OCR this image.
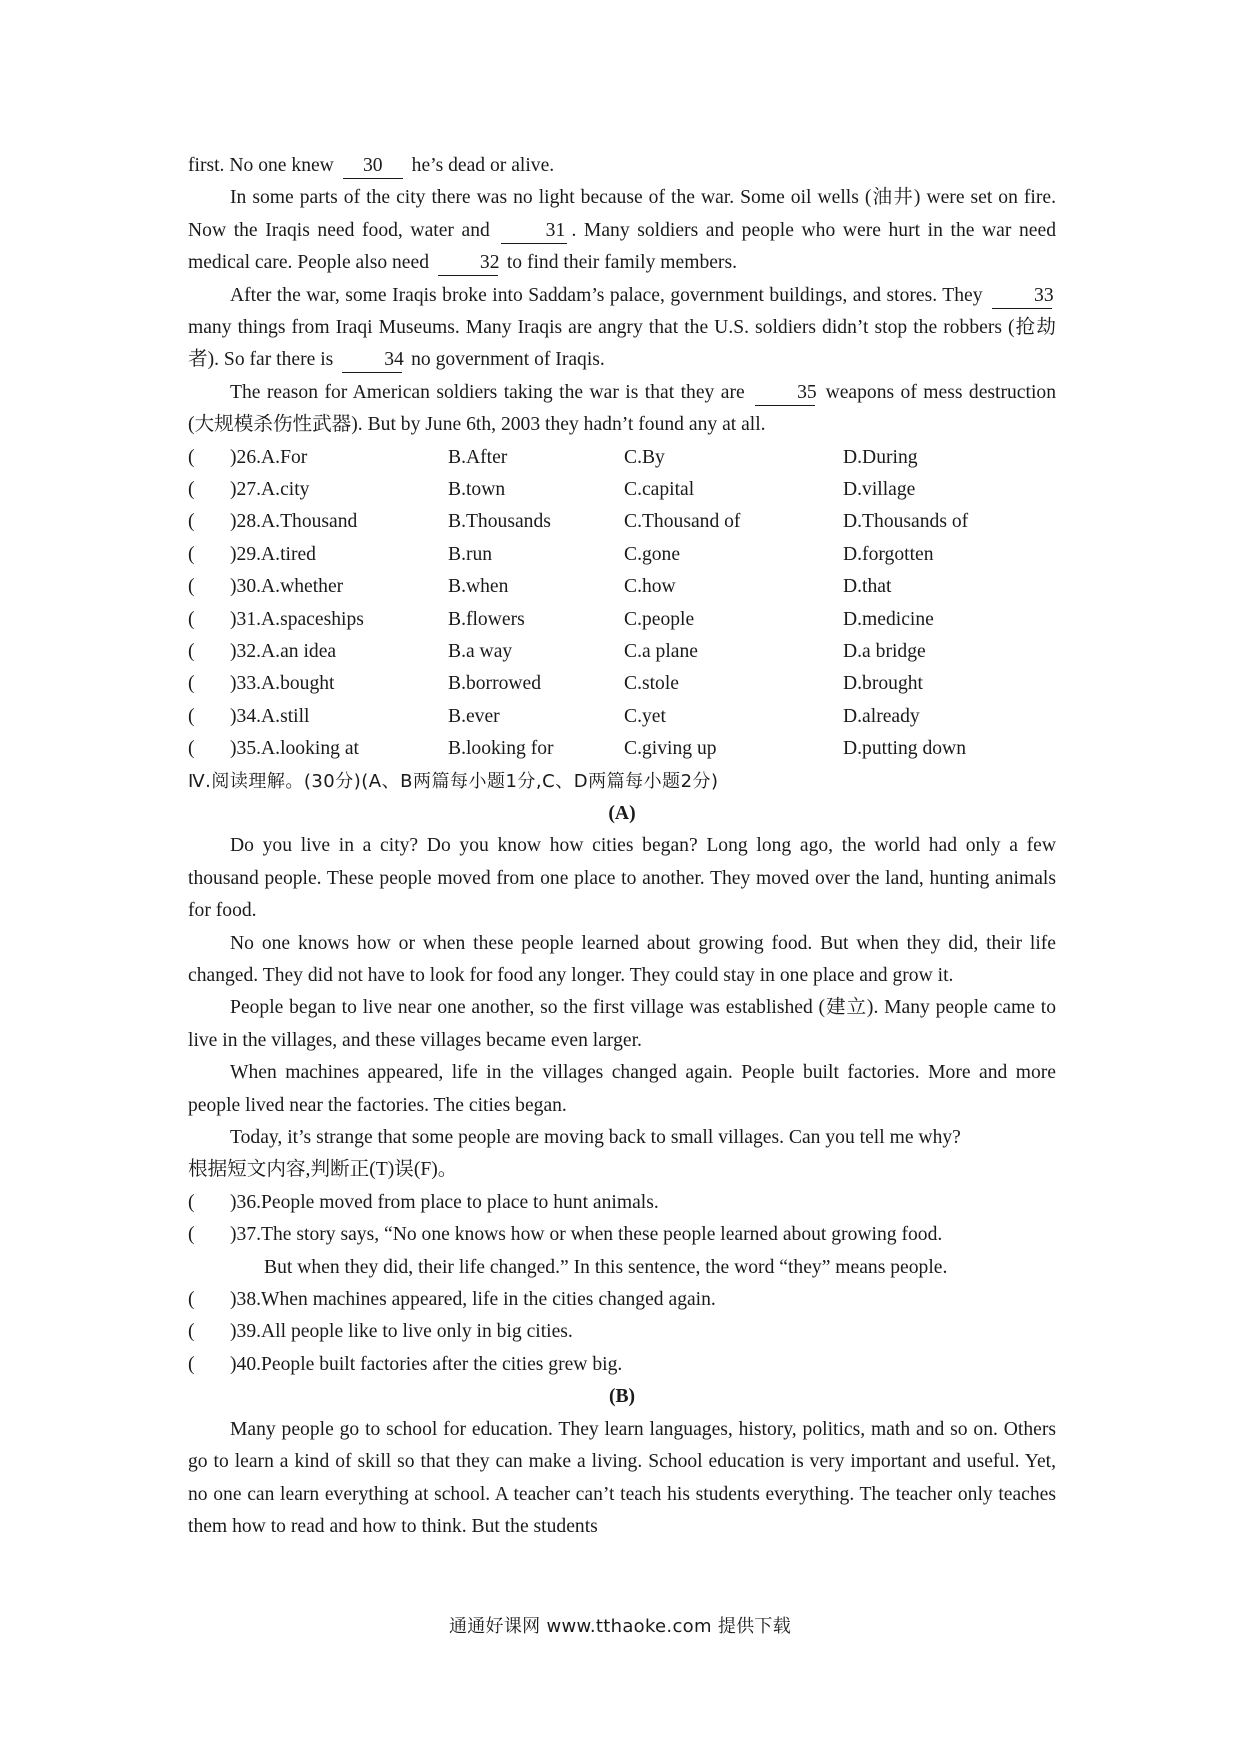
first. No one knew 30 he’s dead or alive.

In some parts of the city there was no light because of the war. Some oil wells (油井) were set on fire. Now the Iraqis need food, water and	31 . Many soldiers and people who were hurt in the war need medical care. People also need	32 to find their family members.

After the war, some Iraqis broke into Saddam’s palace, government buildings, and stores. They	33 many things from Iraqi Museums. Many Iraqis are angry that the U.S. soldiers didn’t stop the robbers (抢劫者). So far there is	34 no government of Iraqis.

The reason for American soldiers taking the war is that they are	35 weapons of mess destruction (大规模杀伤性武器). But by June 6th, 2003 they hadn’t found any at all.

(	)26.A.For	B.After	C.By	D.During
(	)27.A.city	B.town	C.capital	D.village
(	)28.A.Thousand	B.Thousands	C.Thousand of	D.Thousands of
(	)29.A.tired	B.run	C.gone	D.forgotten
(	)30.A.whether	B.when	C.how	D.that
(	)31.A.spaceships	B.flowers	C.people	D.medicine
(	)32.A.an idea	B.a way	C.a plane	D.a bridge
(	)33.A.bought	B.borrowed	C.stole	D.brought
(	)34.A.still	B.ever	C.yet	D.already
(	)35.A.looking at	B.looking for	C.giving up	D.putting down

Ⅳ.阅读理解。(30分)(A、B两篇每小题1分,C、D两篇每小题2分)

(A)

Do you live in a city? Do you know how cities began? Long long ago, the world had only a few thousand people. These people moved from one place to another. They moved over the land, hunting animals for food.

No one knows how or when these people learned about growing food. But when they did, their life changed. They did not have to look for food any longer. They could stay in one place and grow it.

People began to live near one another, so the first village was established (建立). Many people came to live in the villages, and these villages became even larger.

When machines appeared, life in the villages changed again. People built factories. More and more people lived near the factories. The cities began.

Today, it’s strange that some people are moving back to small villages. Can you tell me why?

根据短文内容,判断正(T)误(F)。

(	)36.People moved from place to place to hunt animals.
(	)37.The story says, “No one knows how or when these people learned about growing food.

But when they did, their life changed.” In this sentence, the word “they” means people.

(	)38.When machines appeared, life in the cities changed again.
(	)39.All people like to live only in big cities.
(	)40.People built factories after the cities grew big.

(B)

Many people go to school for education. They learn languages, history, politics, math and so on. Others go to learn a kind of skill so that they can make a living. School education is very important and useful. Yet, no one can learn everything at school. A teacher can’t teach his students everything. The teacher only teaches them how to read and how to think. But the students

通通好课网 www.tthaoke.com 提供下载
